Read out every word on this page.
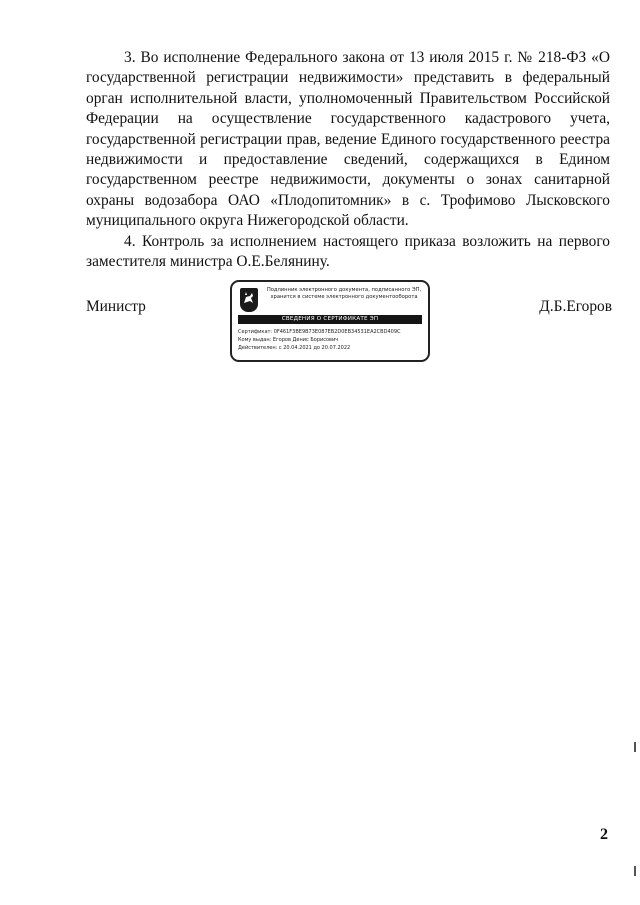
3. Во исполнение Федерального закона от 13 июля 2015 г. № 218-ФЗ «О государственной регистрации недвижимости» представить в федеральный орган исполнительной власти, уполномоченный Правительством Российской Федерации на осуществление государственного кадастрового учета, государственной регистрации прав, ведение Единого государственного реестра недвижимости и предоставление сведений, содержащихся в Едином государственном реестре недвижимости, документы о зонах санитарной охраны водозабора ОАО «Плодопитомник» в с. Трофимово Лысковского муниципального округа Нижегородской области.

4. Контроль за исполнением настоящего приказа возложить на первого заместителя министра О.Е.Белянину.

Министр
Подлинник электронного документа, подписанного ЭП, хранится в системе электронного документооборота
СВЕДЕНИЯ О СЕРТИФИКАТЕ ЭП
Сертификат: 0F461F3BE9B73E087EB2D0EB34531EA2CBD409C
Кому выдан: Егоров Денис Борисович
Действителен: с 20.04.2021 до 20.07.2022
Д.Б.Егоров
2
